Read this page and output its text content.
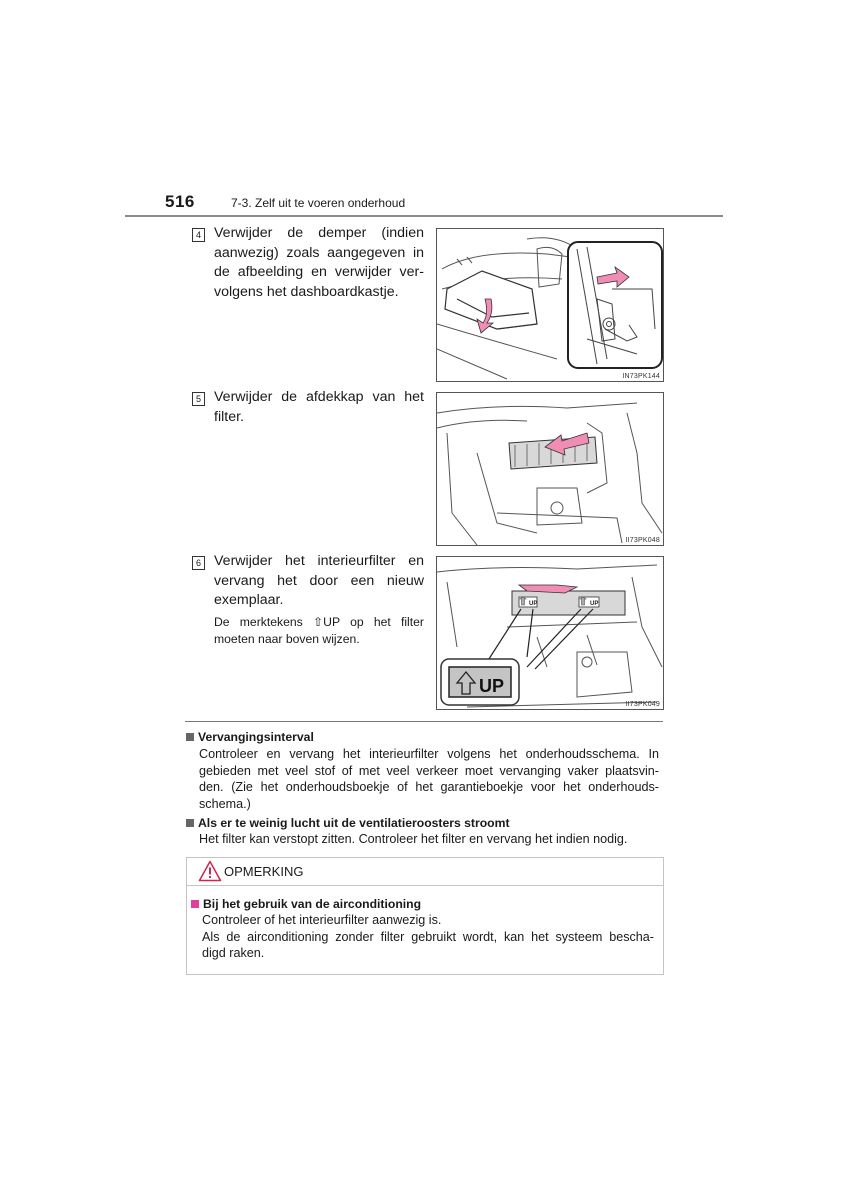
516	7-3. Zelf uit te voeren onderhoud
4 Verwijder de demper (indien
aanwezig) zoals aangegeven in
de afbeelding en verwijder ver-
volgens het dashboardkastje.
IN73PK144
5 Verwijder de afdekkap van het
filter.
II73PK048
6 Verwijder het interieurfilter en
vervang het door een nieuw
exemplaar.
De merktekens ⇧UP op het filter
moeten naar boven wijzen.
UP	UP
UP
II73PK049
Vervangingsinterval
Controleer en vervang het interieurfilter volgens het onderhoudsschema. In
gebieden met veel stof of met veel verkeer moet vervanging vaker plaatsvin-
den. (Zie het onderhoudsboekje of het garantieboekje voor het onderhouds-
schema.)
Als er te weinig lucht uit de ventilatieroosters stroomt
Het filter kan verstopt zitten. Controleer het filter en vervang het indien nodig.
OPMERKING
Bij het gebruik van de airconditioning
Controleer of het interieurfilter aanwezig is.
Als de airconditioning zonder filter gebruikt wordt, kan het systeem bescha-
digd raken.
